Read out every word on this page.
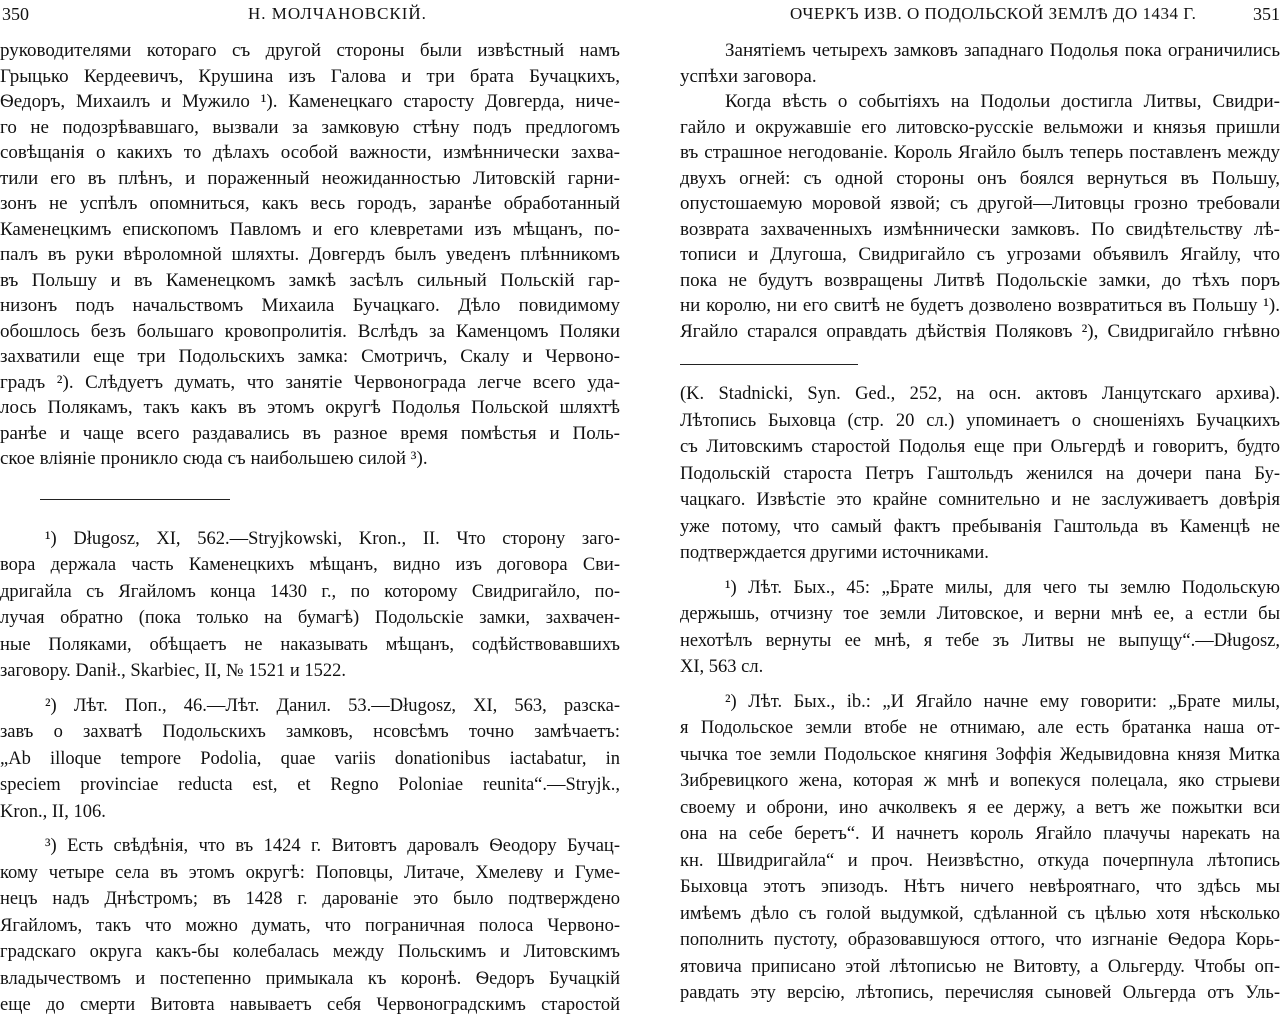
350	Н. МОЛЧАНОВСКІЙ.
руководителями котораго съ другой стороны были извѣстный намъ
Грыцько Кердеевичъ, Крушина изъ Галова и три брата Бучацкихъ,
Ѳедоръ, Михаилъ и Мужило ¹). Каменецкаго старосту Довгерда, ниче-
го не подозрѣвавшаго, вызвали за замковую стѣну подъ предлогомъ
совѣщанія о какихъ то дѣлахъ особой важности, измѣннически захва-
тили его въ плѣнъ, и пораженный неожиданностью Литовскій гарни-
зонъ не успѣлъ опомниться, какъ весь городъ, заранѣе обработанный
Каменецкимъ епископомъ Павломъ и его клевретами изъ мѣщанъ, по-
палъ въ руки вѣроломной шляхты. Довгердъ былъ уведенъ плѣнникомъ
въ Польшу и въ Каменецкомъ замкѣ засѣлъ сильный Польскій гар-
низонъ подъ начальствомъ Михаила Бучацкаго. Дѣло повидимому
обошлось безъ большаго кровопролитія. Вслѣдъ за Каменцомъ Поляки
захватили еще три Подольскихъ замка: Смотричъ, Скалу и Червоно-
градъ ²). Слѣдуетъ думать, что занятіе Червонограда легче всего уда-
лось Полякамъ, такъ какъ въ этомъ округѣ Подолья Польской шляхтѣ
ранѣе и чаще всего раздавались въ разное время помѣстья и Поль-
ское вліяніе проникло сюда съ наибольшею силой ³).
¹) Długosz, XI, 562.—Stryjkowski, Kron., II. Что сторону заго-
вора держала часть Каменецкихъ мѣщанъ, видно изъ договора Сви-
дригайла съ Ягайломъ конца 1430 г., по которому Свидригайло, по-
лучая обратно (пока только на бумагѣ) Подольскіе замки, захвачен-
ные Поляками, обѣщаетъ не наказывать мѣщанъ, содѣйствовавшихъ
заговору. Danił., Skarbiec, II, № 1521 и 1522.
²) Лѣт. Поп., 46.—Лѣт. Данил. 53.—Długosz, XI, 563, разска-
завъ о захватѣ Подольскихъ замковъ, нсовсѣмъ точно замѣчаетъ:
„Ab illoque tempore Podolia, quae variis donationibus iactabatur, in
speciem provinciae reducta est, et Regno Poloniae reunita“.—Stryjk.,
Kron., II, 106.
³) Есть свѣдѣнія, что въ 1424 г. Витовтъ даровалъ Ѳеодору Бучац-
кому четыре села въ этомъ округѣ: Поповцы, Литаче, Хмелеву и Гуме-
нецъ надъ Днѣстромъ; въ 1428 г. дарованіе это было подтверждено
Ягайломъ, такъ что можно думать, что пограничная полоса Червоно-
градскаго округа какъ-бы колебалась между Польскимъ и Литовскимъ
владычествомъ и постепенно примыкала къ коронѣ. Ѳедоръ Бучацкій
еще до смерти Витовта навываетъ себя Червоноградскимъ старостой
ОЧЕРКЪ ИЗВ. О ПОДОЛЬСКОЙ ЗЕМЛѢ ДО 1434 Г.	351
Занятіемъ четырехъ замковъ западнаго Подолья пока ограничились
успѣхи заговора.
Когда вѣсть о событіяхъ на Подольи достигла Литвы, Свидри-
гайло и окружавшіе его литовско-русскіе вельможи и князья пришли
въ страшное негодованіе. Король Ягайло былъ теперь поставленъ между
двухъ огней: съ одной стороны онъ боялся вернуться въ Польшу,
опустошаемую моровой язвой; съ другой—Литовцы грозно требовали
возврата захваченныхъ измѣннически замковъ. По свидѣтельству лѣ-
тописи и Длугоша, Свидригайло съ угрозами объявилъ Ягайлу, что
пока не будутъ возвращены Литвѣ Подольскіе замки, до тѣхъ поръ
ни королю, ни его свитѣ не будетъ дозволено возвратиться въ Польшу ¹).
Ягайло старался оправдать дѣйствія Поляковъ ²), Свидригайло гнѣвно
(K. Stadnicki, Syn. Ged., 252, на осн. актовъ Ланцутскаго архива).
Лѣтопись Быховца (стр. 20 сл.) упоминаетъ о сношеніяхъ Бучацкихъ
съ Литовскимъ старостой Подолья еще при Ольгердѣ и говоритъ, будто
Подольскій староста Петръ Гаштольдъ женился на дочери пана Бу-
чацкаго. Извѣстіе это крайне сомнительно и не заслуживаетъ довѣрія
уже потому, что самый фактъ пребыванія Гаштольда въ Каменцѣ не
подтверждается другими источниками.
¹) Лѣт. Бых., 45: „Брате милы, для чего ты землю Подольскую
держышь, отчизну тое земли Литовское, и верни мнѣ ее, а естли бы
нехотѣлъ вернуты ее мнѣ, я тебе зъ Литвы не выпущу“.—Długosz,
XI, 563 сл.
²) Лѣт. Бых., ib.: „И Ягайло начне ему говорити: „Брате милы,
я Подольское земли втобе не отнимаю, але есть братанка наша от-
чычка тое земли Подольское княгиня Зоффія Жедывидовна князя Митка
Зибревицкого жена, которая ж мнѣ и вопекуся полецала, яко стрыеви
своему и оброни, ино ачколвекъ я ее держу, а ветъ же пожытки вси
она на себе беретъ“. И начнетъ король Ягайло плачучы нарекать на
кн. Швидригайла“ и проч. Неизвѣстно, откуда почерпнула лѣтопись
Быховца этотъ эпизодъ. Нѣтъ ничего невѣроятнаго, что здѣсь мы
имѣемъ дѣло съ голой выдумкой, сдѣланной съ цѣлью хотя нѣсколько
пополнить пустоту, образовавшуюся оттого, что изгнаніе Ѳедора Корь-
ятовича приписано этой лѣтописью не Витовту, а Ольгерду. Чтобы оп-
равдать эту версію, лѣтопись, перечисляя сыновей Ольгерда отъ Уль-
